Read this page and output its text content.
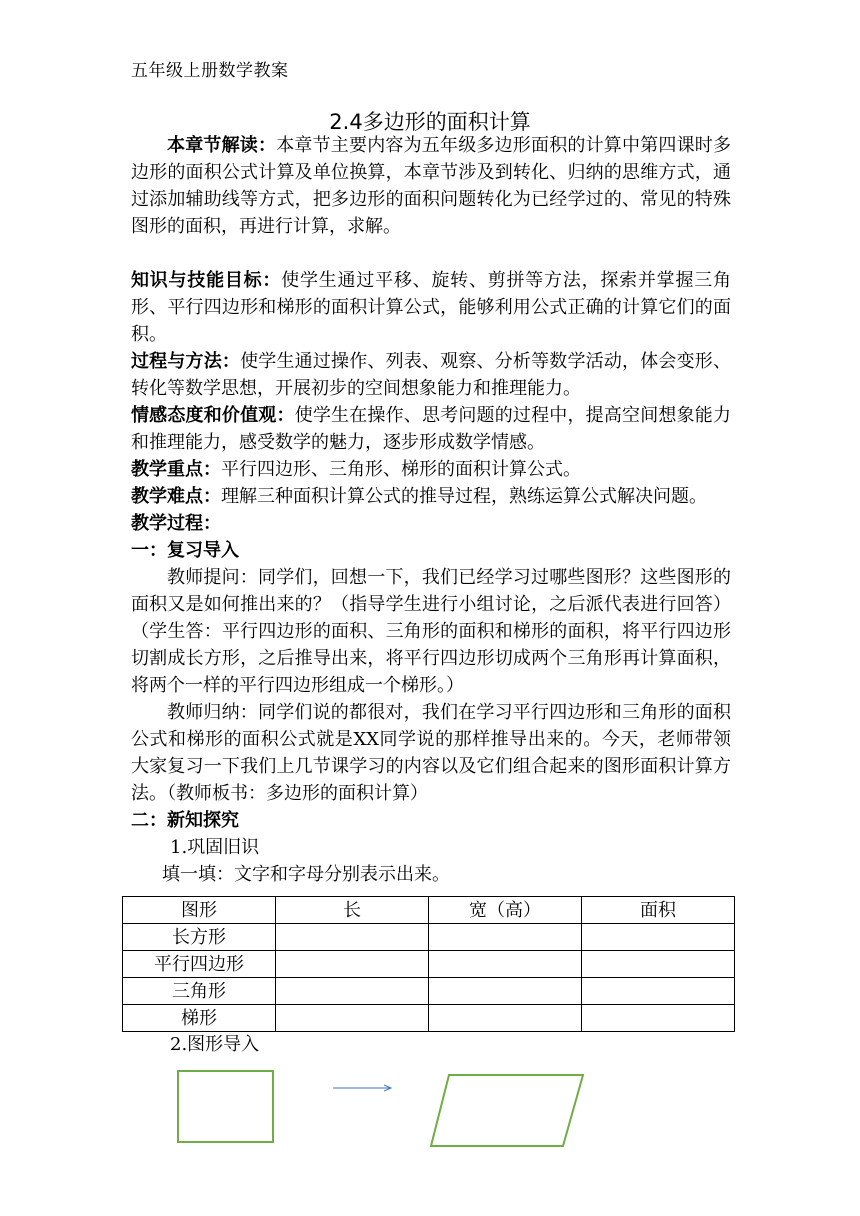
五年级上册数学教案
2.4多边形的面积计算

本章节解读：本章节主要内容为五年级多边形面积的计算中第四课时多边形的面积公式计算及单位换算，本章节涉及到转化、归纳的思维方式，通过添加辅助线等方式，把多边形的面积问题转化为已经学过的、常见的特殊图形的面积，再进行计算，求解。

知识与技能目标：使学生通过平移、旋转、剪拼等方法，探索并掌握三角形、平行四边形和梯形的面积计算公式，能够利用公式正确的计算它们的面积。

过程与方法：使学生通过操作、列表、观察、分析等数学活动，体会变形、转化等数学思想，开展初步的空间想象能力和推理能力。

情感态度和价值观：使学生在操作、思考问题的过程中，提高空间想象能力和推理能力，感受数学的魅力，逐步形成数学情感。

教学重点：平行四边形、三角形、梯形的面积计算公式。

教学难点：理解三种面积计算公式的推导过程，熟练运算公式解决问题。

教学过程：

一：复习导入

教师提问：同学们，回想一下，我们已经学习过哪些图形？这些图形的面积又是如何推出来的？（指导学生进行小组讨论，之后派代表进行回答）（学生答：平行四边形的面积、三角形的面积和梯形的面积，将平行四边形切割成长方形，之后推导出来，将平行四边形切成两个三角形再计算面积，将两个一样的平行四边形组成一个梯形。）

教师归纳：同学们说的都很对，我们在学习平行四边形和三角形的面积公式和梯形的面积公式就是XX同学说的那样推导出来的。今天，老师带领大家复习一下我们上几节课学习的内容以及它们组合起来的图形面积计算方法。（教师板书：多边形的面积计算）

二：新知探究

1.巩固旧识

填一填：文字和字母分别表示出来。

图形	长	宽（高）	面积
长方形			
平行四边形			
三角形			
梯形			
2.图形导入
